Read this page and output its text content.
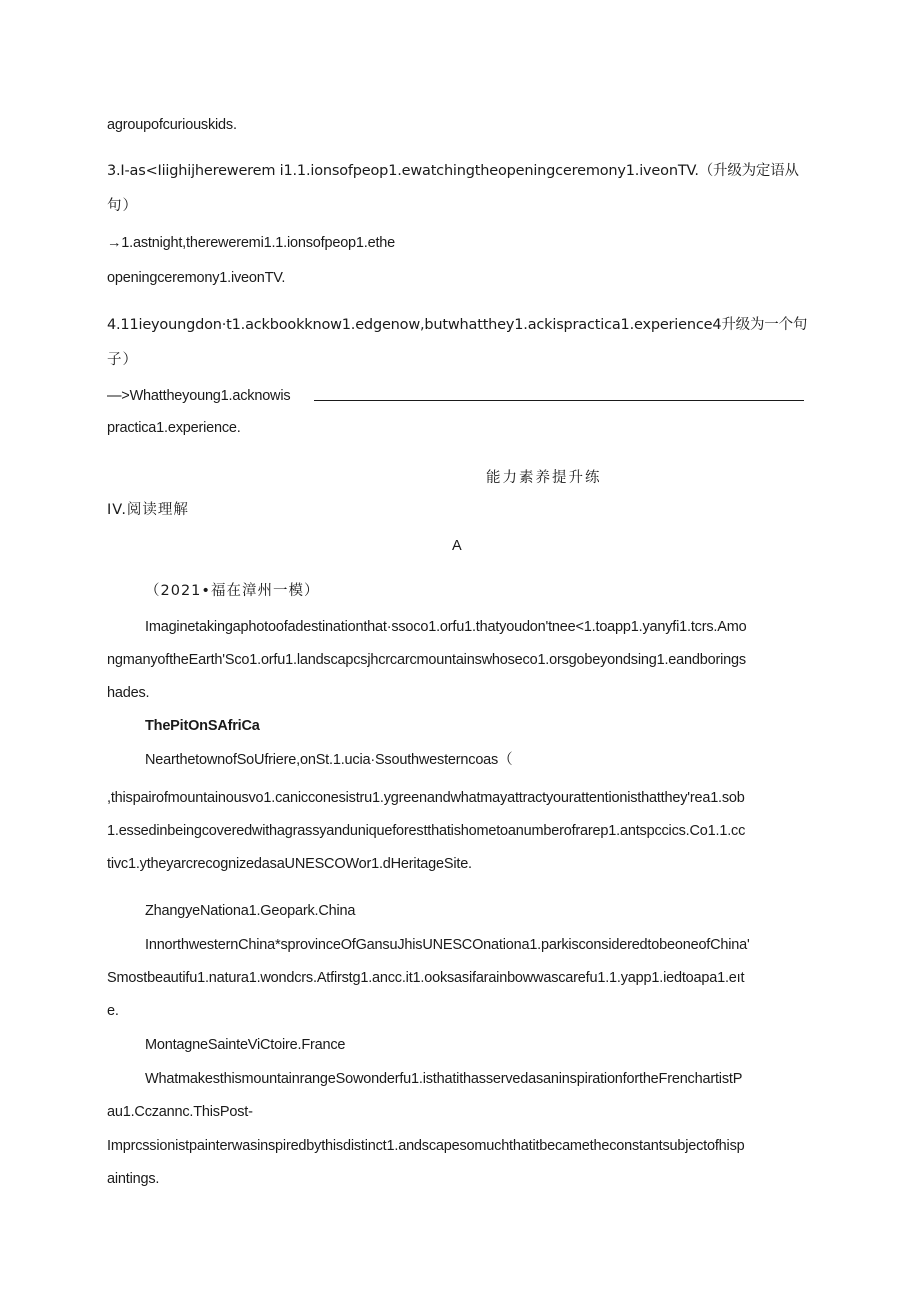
agroupofcuriouskids.
3.I-as<Iiighijherewerem i1.1.ionsofpeop1.ewatchingtheopeningceremony1.iveonTV.（升级为定语从
句）
→1.astnight,thereweremi1.1.ionsofpeop1.ethe
openingceremony1.iveonTV.
4.11ieyoungdon·t1.ackbookknow1.edgenow,butwhatthey1.ackispractica1.experience4升级为一个句
子）
—>Whattheyoung1.acknowis
practica1.experience.
能力素养提升练
IV.阅读理解
A
（2021•福在漳州一模）
Imaginetakingaphotoofadestinationthat·ssoco1.orfu1.thatyoudon'tnee<1.toapp1.yanyfi1.tcrs.Amo
ngmanyoftheEarth'Sco1.orfu1.landscapcsjhcrcarcmountainswhoseco1.orsgobeyondsing1.eandborings
hades.
ThePitOnSAfriCa
NearthetownofSoUfriere,onSt.1.ucia·Ssouthwesterncoas（
,thispairofmountainousvo1.canicconesistru1.ygreenandwhatmayattractyourattentionisthatthey'rea1.sob
1.essedinbeingcoveredwithagrassyanduniqueforestthatishometoanumberofrarep1.antspccics.Co1.1.cc
tivc1.ytheyarcrecognizedasaUNESCOWor1.dHeritageSite.
ZhangyeNationa1.Geopark.China
InnorthwesternChina*sprovinceOfGansuJhisUNESCOnationa1.parkisconsideredtobeoneofChina'
Smostbeautifu1.natura1.wondcrs.Atfirstg1.ancc.it1.ooksasifarainbowwascarefu1.1.yapp1.iedtoapa1.eıt
e.
MontagneSainteViCtoire.France
WhatmakesthismountainrangeSowonderfu1.isthatithasservedasaninspirationfortheFrenchartistP
au1.Cczannc.ThisPost-
Imprcssionistpainterwasinspiredbythisdistinct1.andscapesomuchthatitbecametheconstantsubjectofhisp
aintings.
